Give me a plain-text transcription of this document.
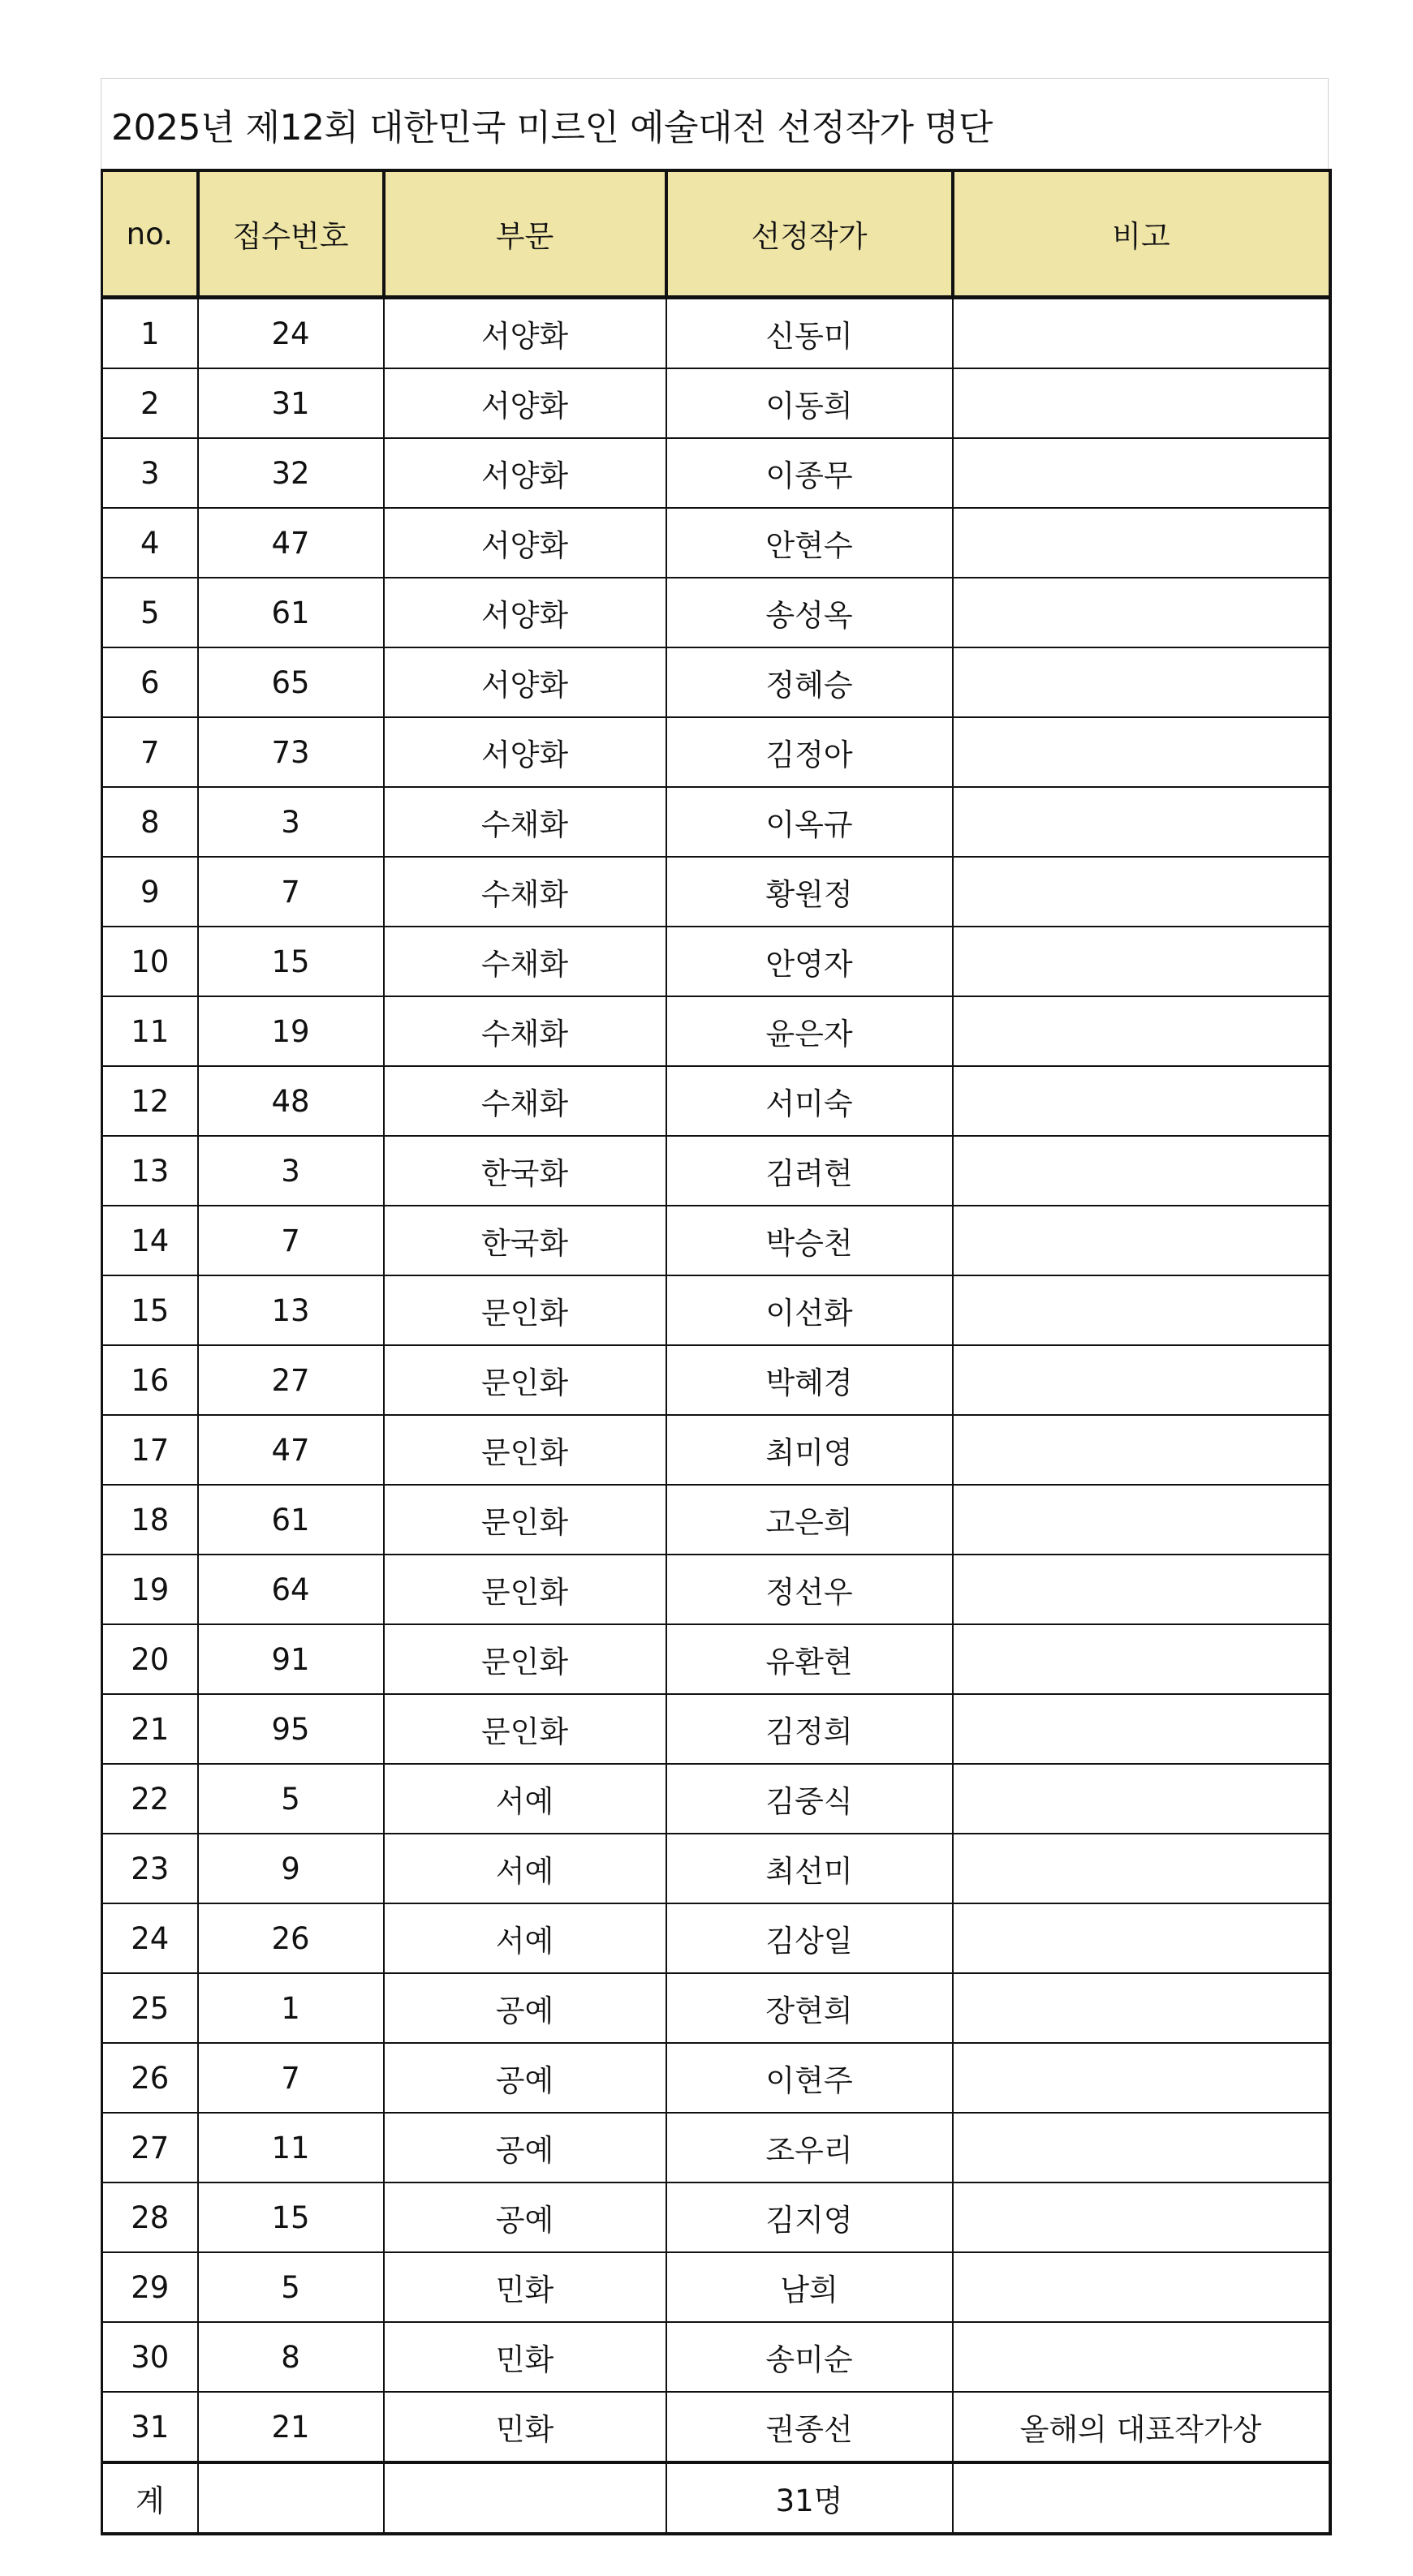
2025년 제12회 대한민국 미르인 예술대전 선정작가 명단
no.	접수번호	부문	선정작가	비고
1	24	서양화	신동미	
2	31	서양화	이동희	
3	32	서양화	이종무	
4	47	서양화	안현수	
5	61	서양화	송성옥	
6	65	서양화	정혜승	
7	73	서양화	김정아	
8	3	수채화	이옥규	
9	7	수채화	황원정	
10	15	수채화	안영자	
11	19	수채화	윤은자	
12	48	수채화	서미숙	
13	3	한국화	김려현	
14	7	한국화	박승천	
15	13	문인화	이선화	
16	27	문인화	박혜경	
17	47	문인화	최미영	
18	61	문인화	고은희	
19	64	문인화	정선우	
20	91	문인화	유환현	
21	95	문인화	김정희	
22	5	서예	김중식	
23	9	서예	최선미	
24	26	서예	김상일	
25	1	공예	장현희	
26	7	공예	이현주	
27	11	공예	조우리	
28	15	공예	김지영	
29	5	민화	남희	
30	8	민화	송미순	
31	21	민화	권종선	올해의 대표작가상
계			31명	
